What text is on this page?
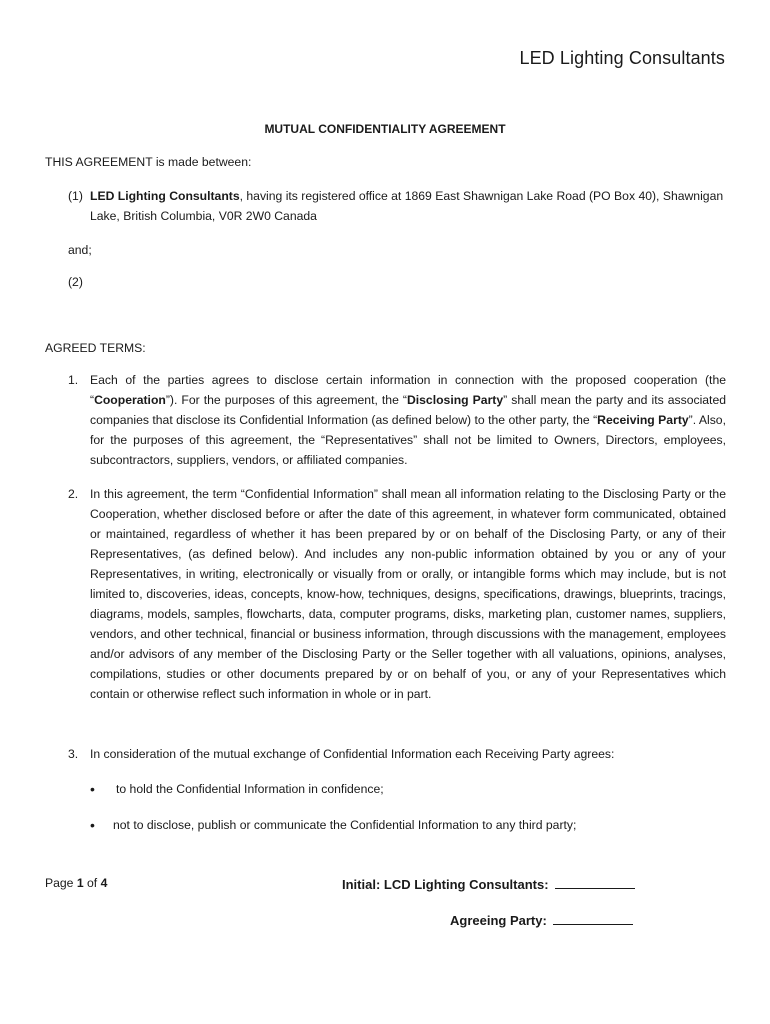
LED Lighting Consultants
MUTUAL CONFIDENTIALITY AGREEMENT
THIS AGREEMENT is made between:
(1) LED Lighting Consultants, having its registered office at 1869 East Shawnigan Lake Road (PO Box 40), Shawnigan Lake, British Columbia, V0R 2W0 Canada
and;
(2)
AGREED TERMS:
1. Each of the parties agrees to disclose certain information in connection with the proposed cooperation (the “Cooperation”). For the purposes of this agreement, the “Disclosing Party” shall mean the party and its associated companies that disclose its Confidential Information (as defined below) to the other party, the “Receiving Party”. Also, for the purposes of this agreement, the “Representatives” shall not be limited to Owners, Directors, employees, subcontractors, suppliers, vendors, or affiliated companies.
2. In this agreement, the term “Confidential Information” shall mean all information relating to the Disclosing Party or the Cooperation, whether disclosed before or after the date of this agreement, in whatever form communicated, obtained or maintained, regardless of whether it has been prepared by or on behalf of the Disclosing Party, or any of their Representatives, (as defined below). And includes any non-public information obtained by you or any of your Representatives, in writing, electronically or visually from or orally, or intangible forms which may include, but is not limited to, discoveries, ideas, concepts, know-how, techniques, designs, specifications, drawings, blueprints, tracings, diagrams, models, samples, flowcharts, data, computer programs, disks, marketing plan, customer names, suppliers, vendors, and other technical, financial or business information, through discussions with the management, employees and/or advisors of any member of the Disclosing Party or the Seller together with all valuations, opinions, analyses, compilations, studies or other documents prepared by or on behalf of you, or any of your Representatives which contain or otherwise reflect such information in whole or in part.
3. In consideration of the mutual exchange of Confidential Information each Receiving Party agrees:
• to hold the Confidential Information in confidence;
• not to disclose, publish or communicate the Confidential Information to any third party;
Page 1 of 4	Initial: LCD Lighting Consultants:
Agreeing Party:
